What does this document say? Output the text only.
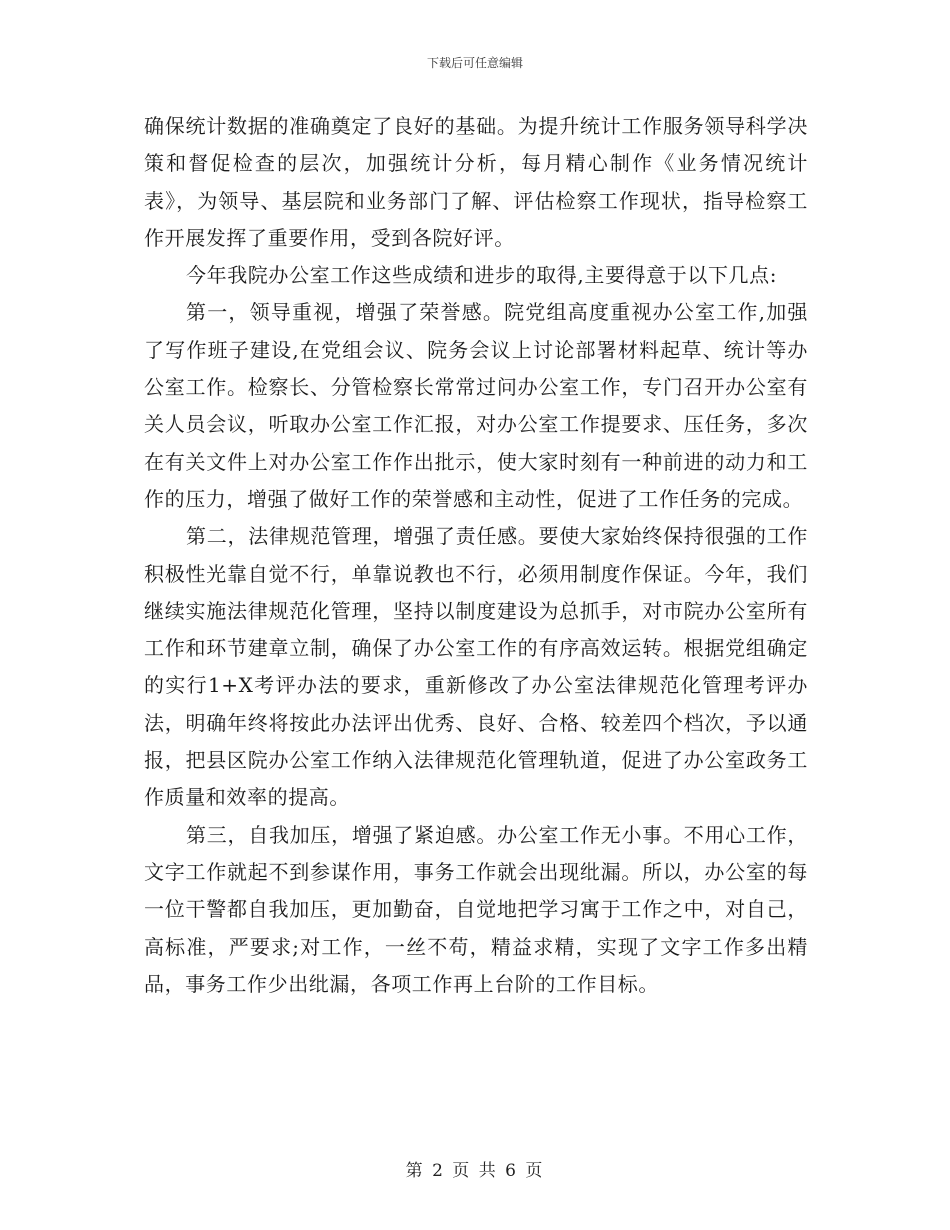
下载后可任意编辑

确保统计数据的准确奠定了良好的基础。为提升统计工作服务领导科学决策和督促检查的层次，加强统计分析，每月精心制作《业务情况统计表》，为领导、基层院和业务部门了解、评估检察工作现状，指导检察工作开展发挥了重要作用，受到各院好评。

今年我院办公室工作这些成绩和进步的取得,主要得意于以下几点:

第一，领导重视，增强了荣誉感。院党组高度重视办公室工作,加强了写作班子建设,在党组会议、院务会议上讨论部署材料起草、统计等办公室工作。检察长、分管检察长常常过问办公室工作，专门召开办公室有关人员会议，听取办公室工作汇报，对办公室工作提要求、压任务，多次在有关文件上对办公室工作作出批示，使大家时刻有一种前进的动力和工作的压力，增强了做好工作的荣誉感和主动性，促进了工作任务的完成。

第二，法律规范管理，增强了责任感。要使大家始终保持很强的工作积极性光靠自觉不行，单靠说教也不行，必须用制度作保证。今年，我们继续实施法律规范化管理，坚持以制度建设为总抓手，对市院办公室所有工作和环节建章立制，确保了办公室工作的有序高效运转。根据党组确定的实行1+X考评办法的要求，重新修改了办公室法律规范化管理考评办法，明确年终将按此办法评出优秀、良好、合格、较差四个档次，予以通报，把县区院办公室工作纳入法律规范化管理轨道，促进了办公室政务工作质量和效率的提高。

第三，自我加压，增强了紧迫感。办公室工作无小事。不用心工作，文字工作就起不到参谋作用，事务工作就会出现纰漏。所以，办公室的每一位干警都自我加压，更加勤奋，自觉地把学习寓于工作之中，对自己，高标准，严要求;对工作，一丝不苟，精益求精，实现了文字工作多出精品，事务工作少出纰漏，各项工作再上台阶的工作目标。

第 2 页 共 6 页
